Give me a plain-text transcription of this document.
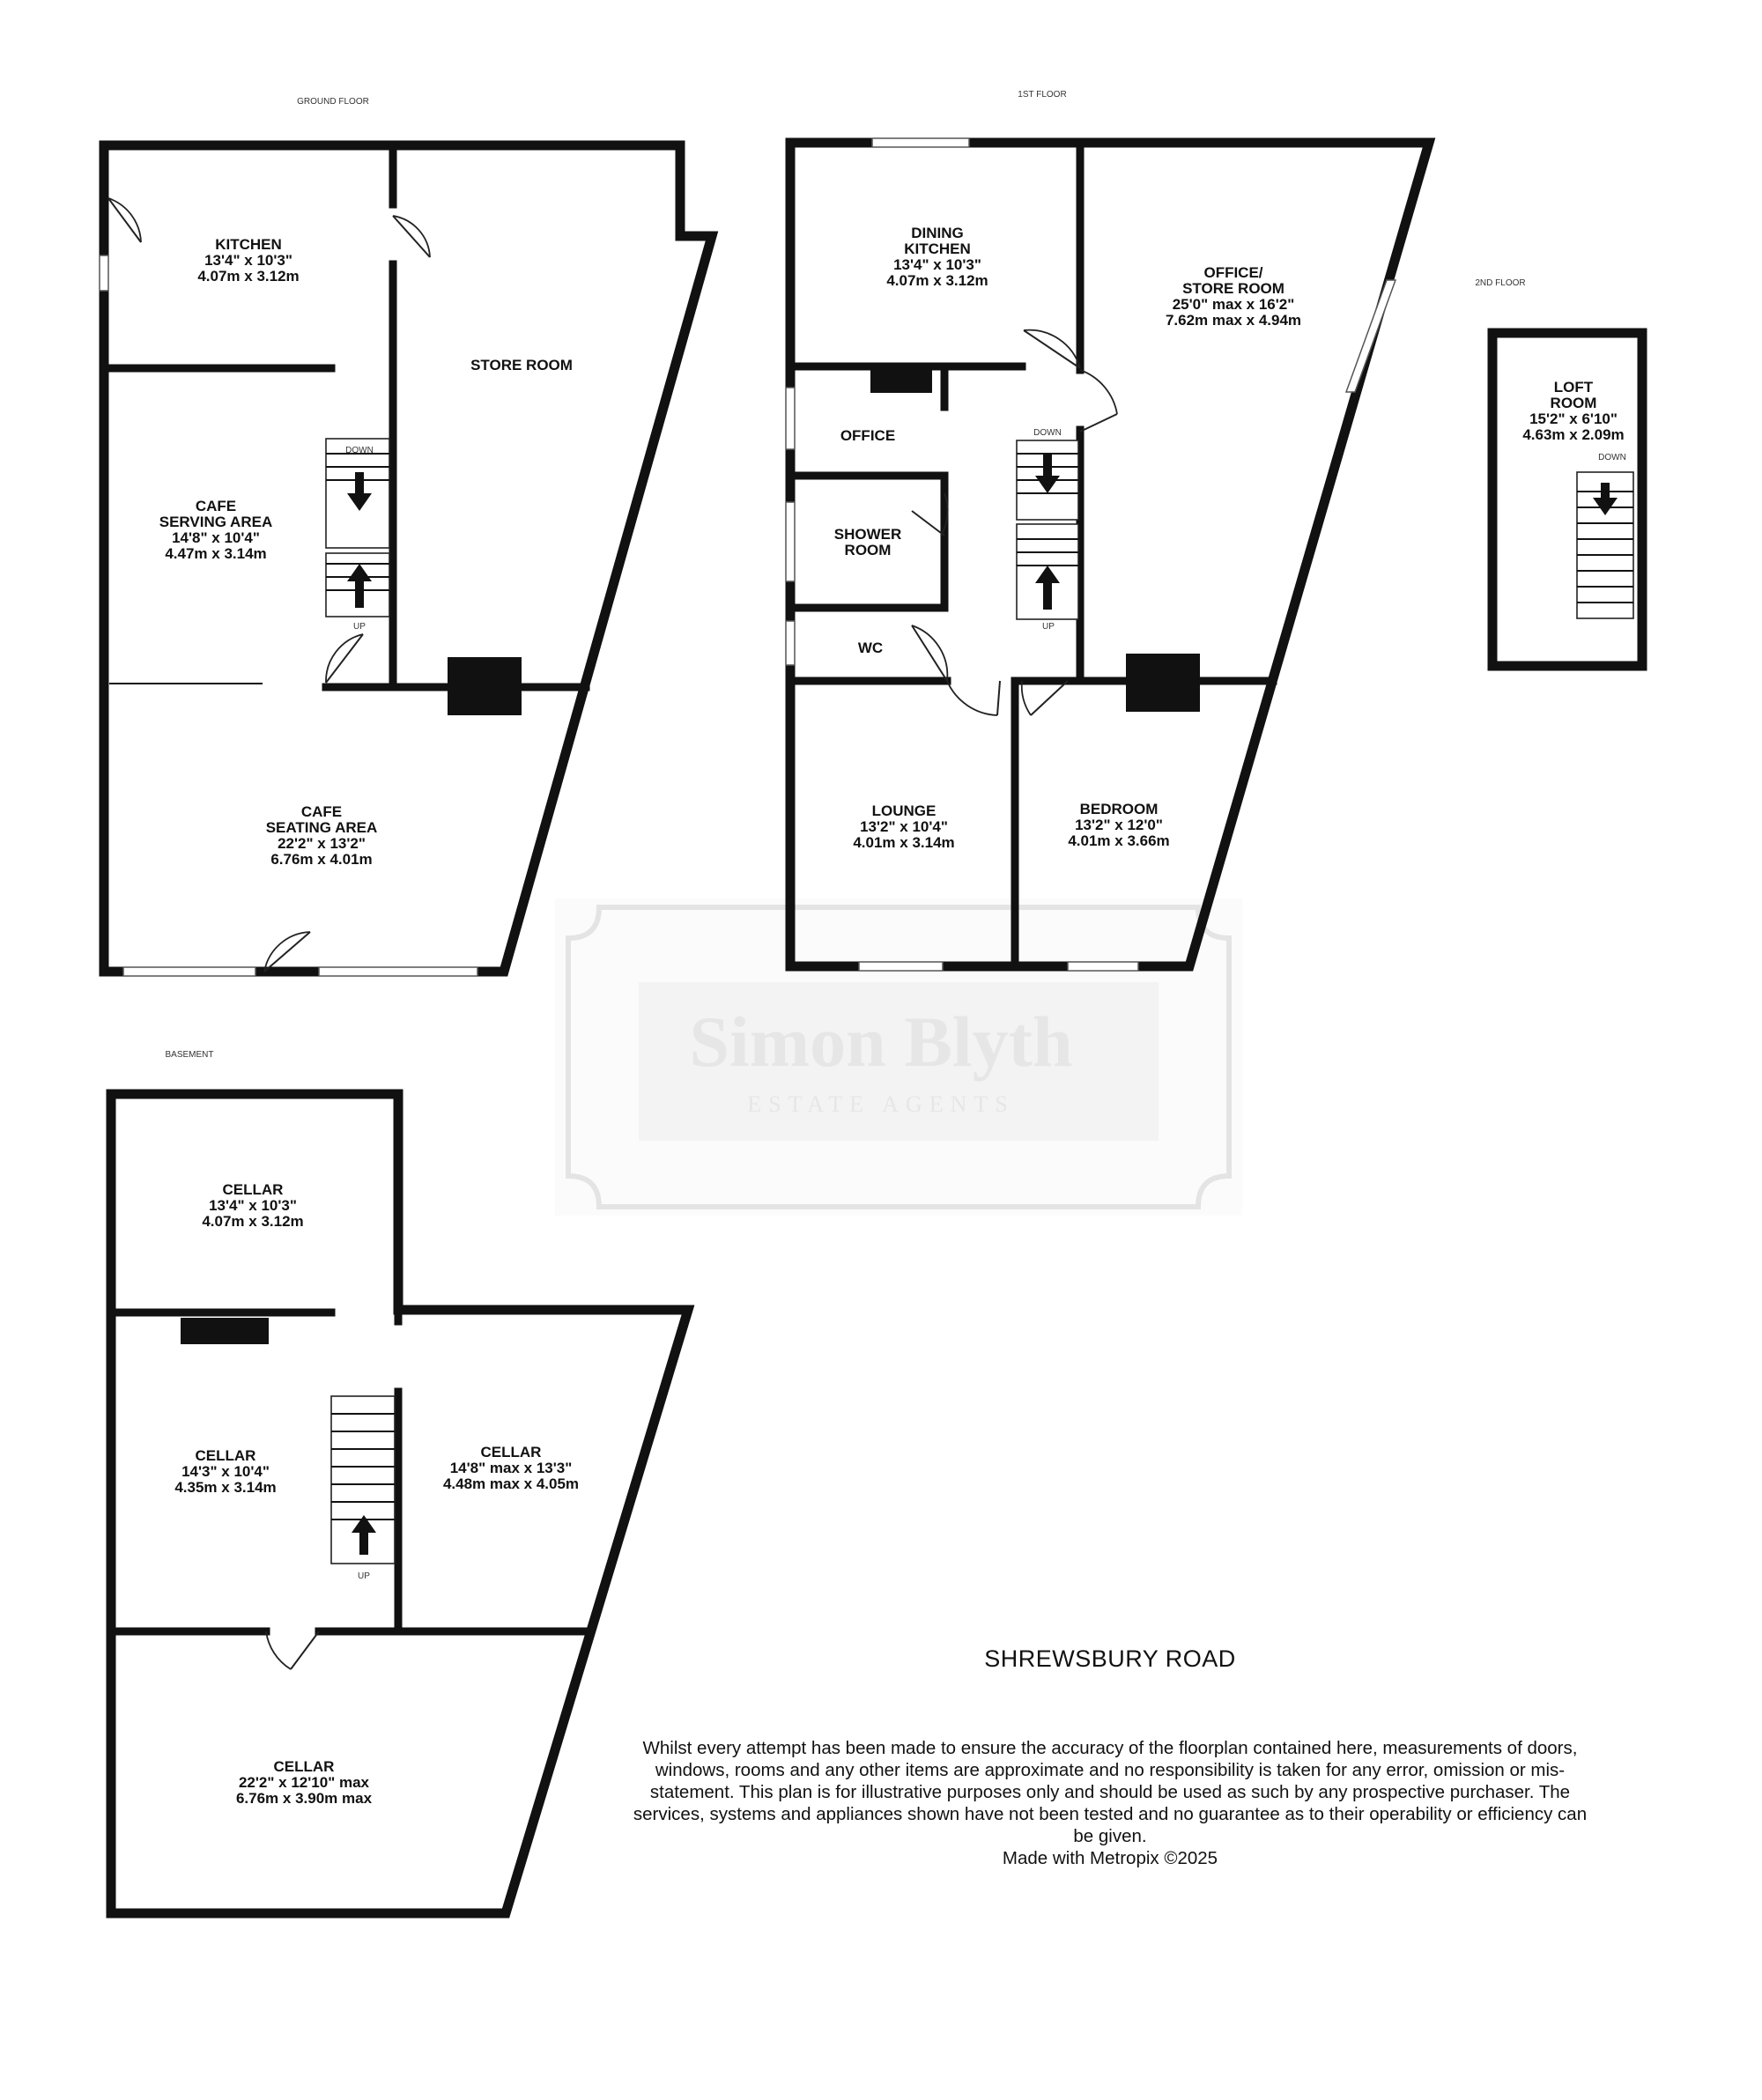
Simon Blyth
ESTATE AGENTS
GROUND FLOOR
DOWN
UP
KITCHEN
13'4" x 10'3"
4.07m x 3.12m
STORE ROOM
CAFE
SERVING AREA
14'8" x 10'4"
4.47m x 3.14m
CAFE
SEATING AREA
22'2" x 13'2"
6.76m x 4.01m
1ST FLOOR
DOWN
UP
DINING
KITCHEN
13'4" x 10'3"
4.07m x 3.12m	OFFICE/
STORE ROOM
25'0" max x 16'2"
7.62m max x 4.94m
OFFICE
SHOWER
ROOM
WC
LOUNGE
13'2" x 10'4"
4.01m x 3.14m
BEDROOM
13'2" x 12'0"
4.01m x 3.66m
2ND FLOOR
DOWN
LOFT
ROOM
15'2" x 6'10"
4.63m x 2.09m
BASEMENT
UP
CELLAR
13'4" x 10'3"
4.07m x 3.12m
CELLAR
14'3" x 10'4"
4.35m x 3.14m
CELLAR
14'8" max x 13'3"
4.48m max x 4.05m
CELLAR
22'2" x 12'10" max
6.76m x 3.90m max
SHREWSBURY ROAD
Whilst every attempt has been made to ensure the accuracy of the floorplan contained here, measurements of doors, windows, rooms and any other items are approximate and no responsibility is taken for any error, omission or mis-statement. This plan is for illustrative purposes only and should be used as such by any prospective purchaser. The services, systems and appliances shown have not been tested and no guarantee as to their operability or efficiency can be given.
Made with Metropix ©2025
